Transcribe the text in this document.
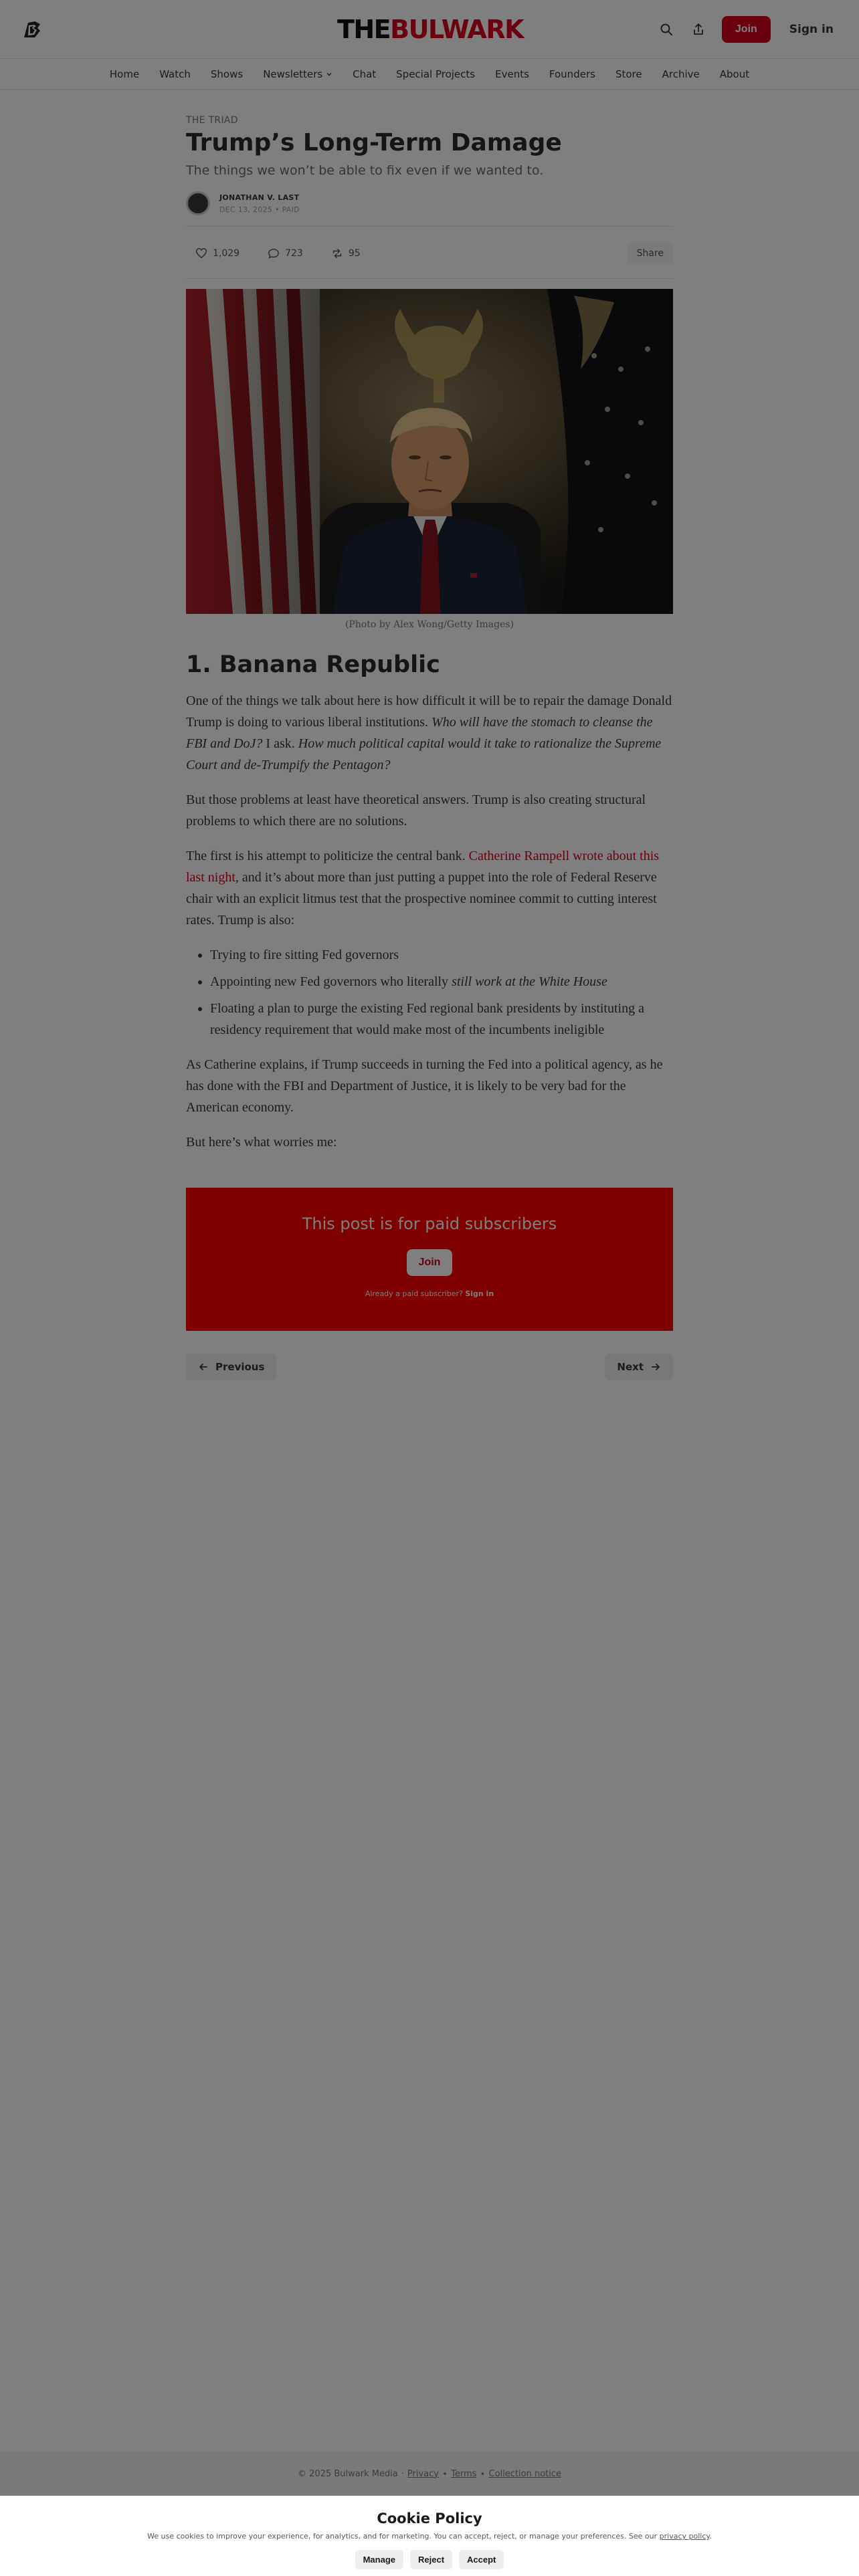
•
•
•

Cookie Policy
We use cookies to improve your experience, for analytics, and for marketing. You can accept, reject, or manage your preferences. See our privacy policy.
Manage	Reject	Accept
